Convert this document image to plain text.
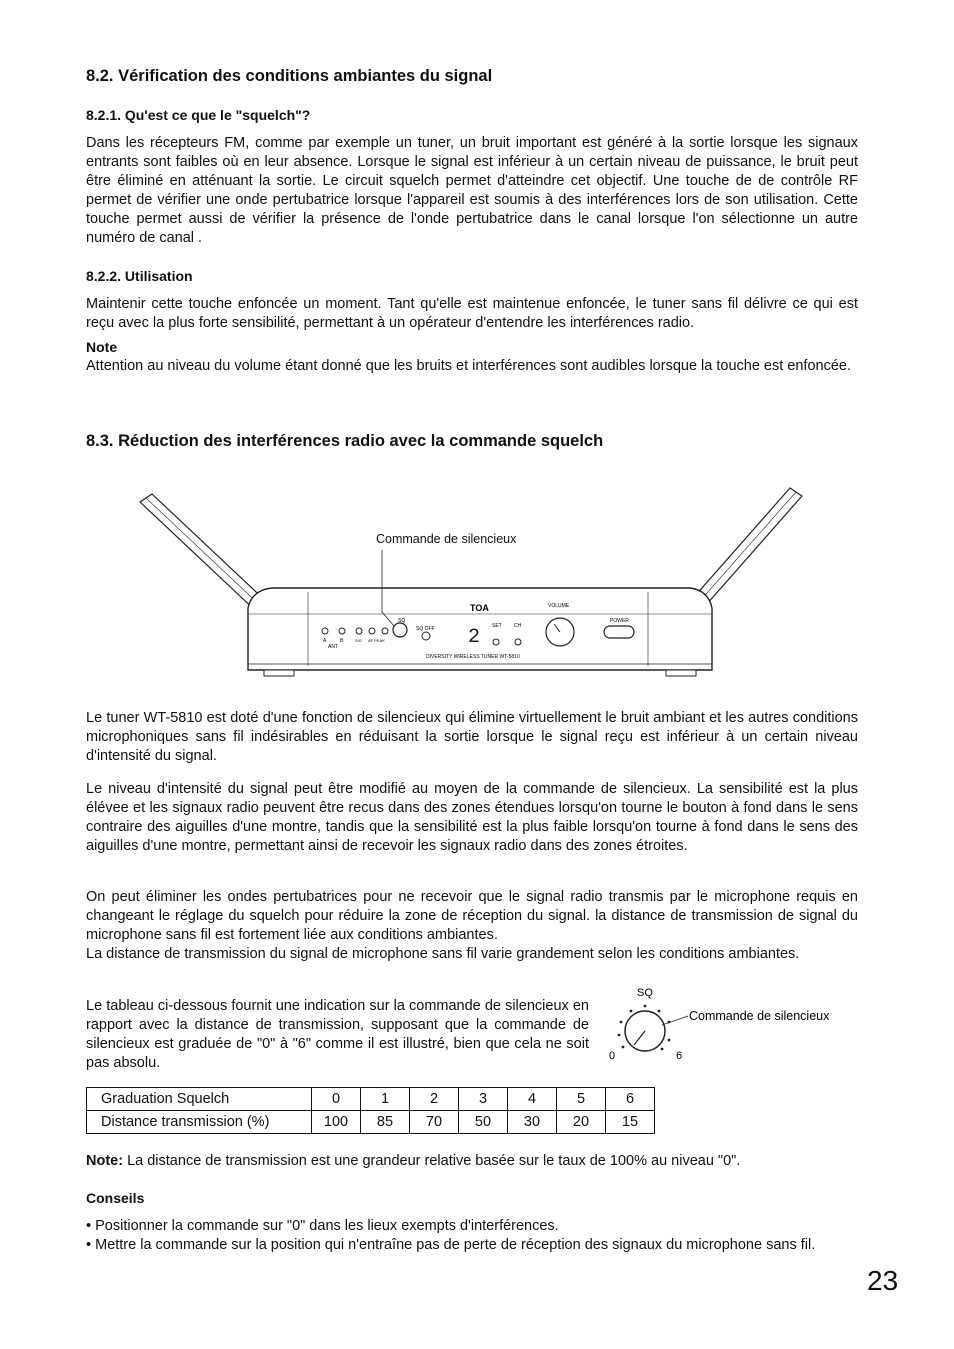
8.2. Vérification des conditions ambiantes du signal
8.2.1. Qu'est ce que le "squelch"?
Dans les récepteurs FM, comme par exemple un tuner, un bruit important est généré à la sortie lorsque les signaux entrants sont faibles où en leur absence. Lorsque le signal est inférieur à un certain niveau de puissance, le bruit peut être éliminé en atténuant la sortie. Le circuit squelch permet d'atteindre cet objectif. Une touche de de contrôle RF permet de vérifier une onde pertubatrice lorsque l'appareil est soumis à des interférences lors de son utilisation. Cette touche permet aussi de vérifier la présence de l'onde pertubatrice dans le canal lorsque l'on sélectionne un autre numéro de canal .
8.2.2. Utilisation
Maintenir cette touche enfoncée un moment. Tant qu'elle est maintenue enfoncée, le tuner sans fil délivre ce qui est reçu avec la plus forte sensibilité, permettant à un opérateur d'entendre les interférences radio.
Note
Attention au niveau du volume étant donné que les bruits et interférences sont audibles lorsque la touche est enfoncée.
8.3. Réduction des interférences radio avec la commande squelch
2
SQ
SQ OFF
TOA	VOLUME
POWER
DIVERSITY WIRELESS TUNER WT-5810
ANT
A	B	SIG AF PEAK
SET CH
Commande de silencieux
Le tuner WT-5810 est doté d'une fonction de silencieux qui élimine virtuellement le bruit ambiant et les autres conditions microphoniques sans fil indésirables en réduisant la sortie lorsque le signal reçu est inférieur à un certain niveau d'intensité du signal.
Le niveau d'intensité du signal peut être modifié au moyen de la commande de silencieux. La sensibilité est la plus élévee et les signaux radio peuvent être recus dans des zones étendues lorsqu'on tourne le bouton à fond dans le sens contraire des aiguilles d'une montre, tandis que la sensibilité est la plus faible lorsqu'on tourne à fond dans le sens des aiguilles d'une montre, permettant ainsi de recevoir les signaux radio dans des zones étroites.
On peut éliminer les ondes pertubatrices pour ne recevoir que le signal radio transmis par le microphone requis en changeant le réglage du squelch pour réduire la zone de réception du signal. la distance de transmission de signal du microphone sans fil est fortement liée aux conditions ambiantes.
La distance de transmission du signal de microphone sans fil varie grandement selon les conditions ambiantes.
Le tableau ci-dessous fournit une indication sur la commande de silencieux en rapport avec la distance de transmission, supposant que la commande de silencieux est graduée de "0" à "6" comme il est illustré, bien que cela ne soit pas absolu.
SQ
0	6
Commande de silencieux
Graduation Squelch	0	1	2	3	4	5	6
Distance transmission (%)	100	85	70	50	30	20	15
Note: La distance de transmission est une grandeur relative basée sur le taux de 100% au niveau "0".
Conseils
• Positionner la commande sur "0" dans les lieux exempts d'interférences.
• Mettre la commande sur la position qui n'entraîne pas de perte de réception des signaux du microphone sans fil.
23
